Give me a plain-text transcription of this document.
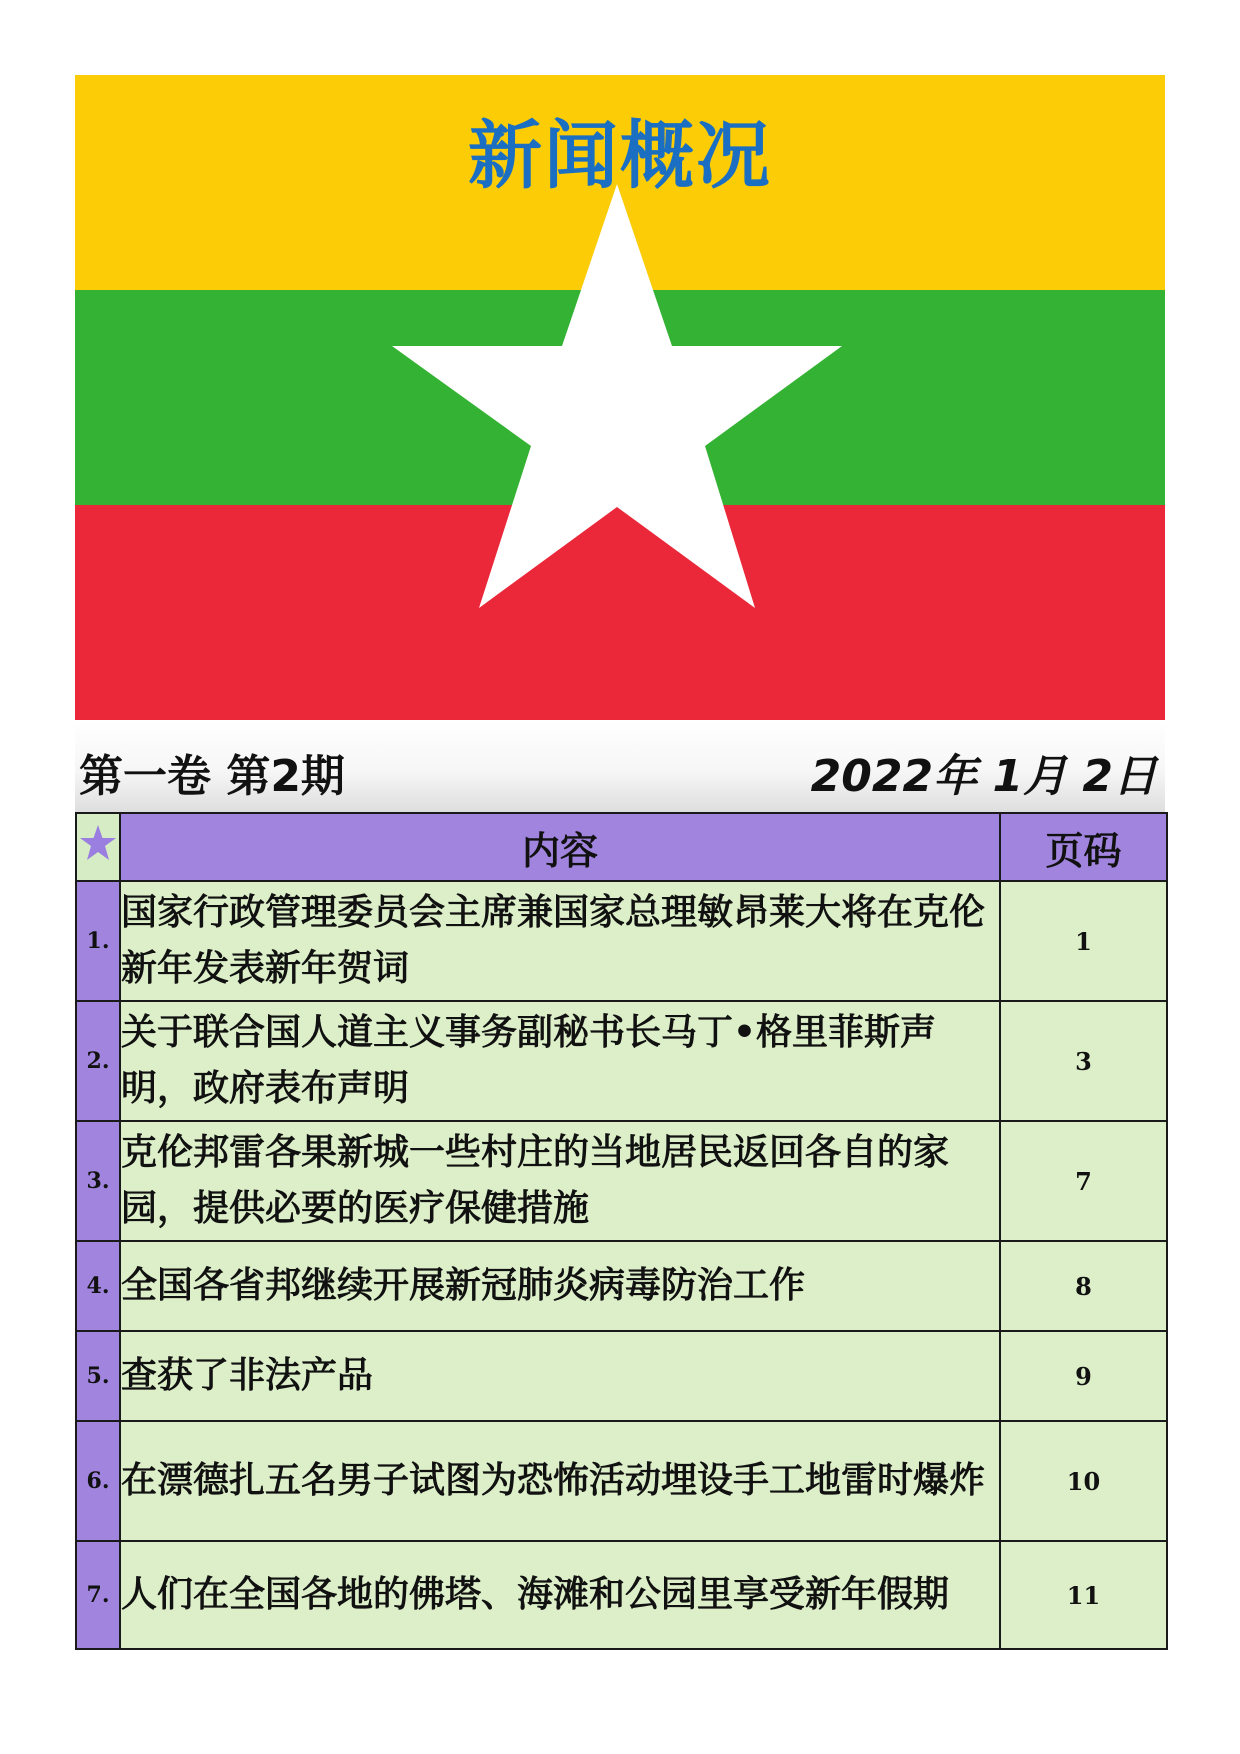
新闻概况
第一卷 第2期	2022年 1月 2日
	内容	页码
1.	国家行政管理委员会主席兼国家总理敏昂莱大将在克伦新年发表新年贺词	1
2.	关于联合国人道主义事务副秘书长马丁•格里菲斯声明，政府表布声明	3
3.	克伦邦雷各果新城一些村庄的当地居民返回各自的家园，提供必要的医疗保健措施	7
4.	全国各省邦继续开展新冠肺炎病毒防治工作	8
5.	查获了非法产品	9
6.	在漂德扎五名男子试图为恐怖活动埋设手工地雷时爆炸	10
7.	人们在全国各地的佛塔、海滩和公园里享受新年假期	11
